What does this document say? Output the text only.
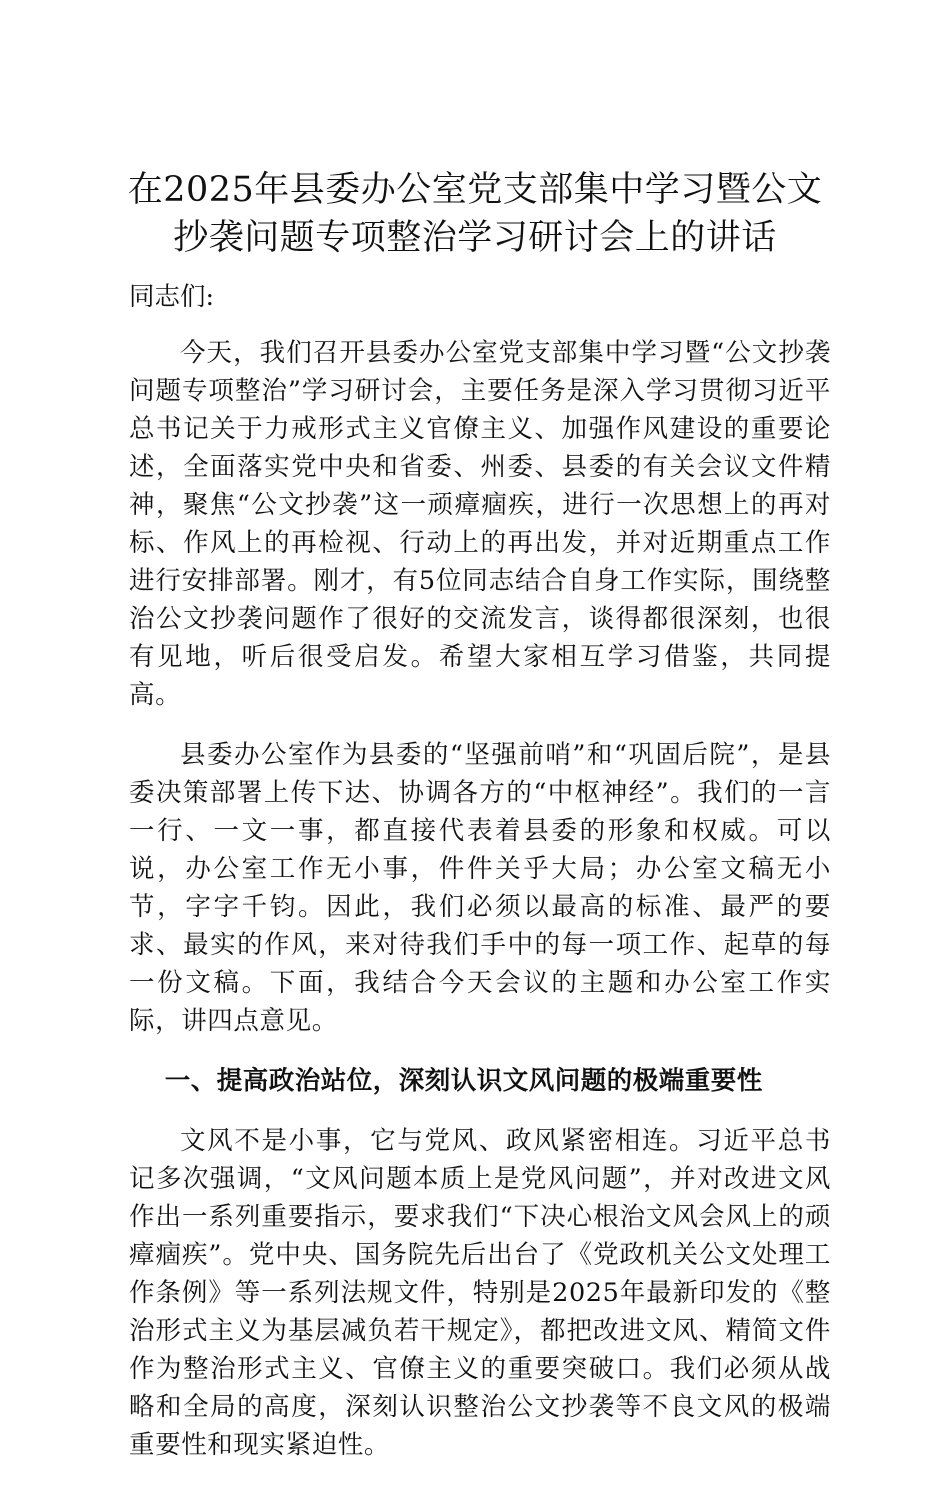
在2025年县委办公室党支部集中学习暨公文
抄袭问题专项整治学习研讨会上的讲话

同志们:

今天，我们召开县委办公室党支部集中学习暨“公文抄袭问题专项整治”学习研讨会，主要任务是深入学习贯彻习近平总书记关于力戒形式主义官僚主义、加强作风建设的重要论述，全面落实党中央和省委、州委、县委的有关会议文件精神，聚焦“公文抄袭”这一顽瘴痼疾，进行一次思想上的再对标、作风上的再检视、行动上的再出发，并对近期重点工作进行安排部署。刚才，有5位同志结合自身工作实际，围绕整治公文抄袭问题作了很好的交流发言，谈得都很深刻，也很有见地，听后很受启发。希望大家相互学习借鉴，共同提高。

县委办公室作为县委的“坚强前哨”和“巩固后院”，是县委决策部署上传下达、协调各方的“中枢神经”。我们的一言一行、一文一事，都直接代表着县委的形象和权威。可以说，办公室工作无小事，件件关乎大局；办公室文稿无小节，字字千钧。因此，我们必须以最高的标准、最严的要求、最实的作风，来对待我们手中的每一项工作、起草的每一份文稿。下面，我结合今天会议的主题和办公室工作实际，讲四点意见。

一、提高政治站位，深刻认识文风问题的极端重要性

文风不是小事，它与党风、政风紧密相连。习近平总书记多次强调，“文风问题本质上是党风问题”，并对改进文风作出一系列重要指示，要求我们“下决心根治文风会风上的顽瘴痼疾”。党中央、国务院先后出台了《党政机关公文处理工作条例》等一系列法规文件，特别是2025年最新印发的《整治形式主义为基层减负若干规定》，都把改进文风、精简文件作为整治形式主义、官僚主义的重要突破口。我们必须从战略和全局的高度，深刻认识整治公文抄袭等不良文风的极端重要性和现实紧迫性。
